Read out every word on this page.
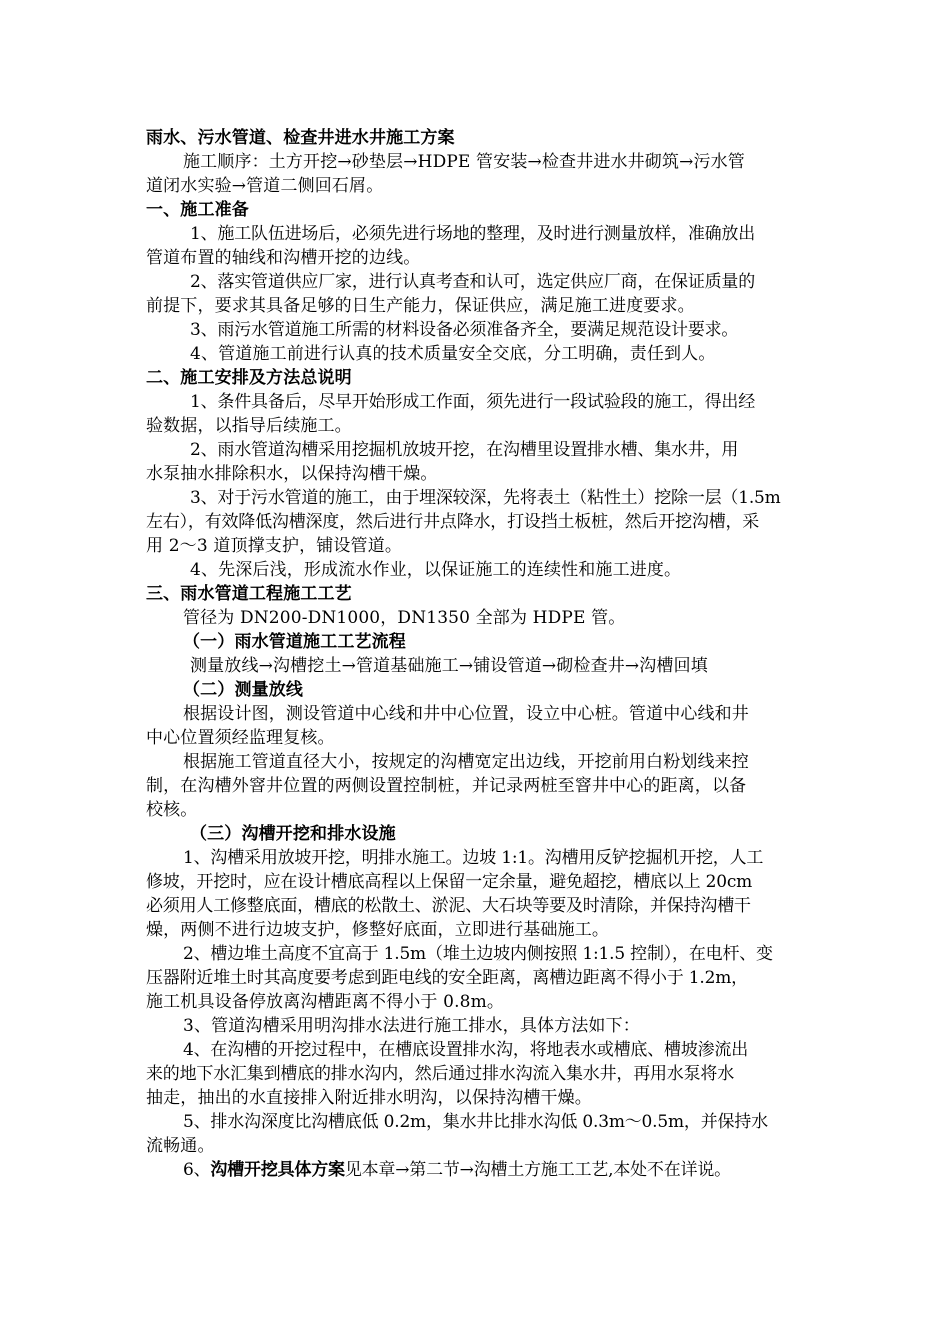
雨水、污水管道、检查井进水井施工方案
施工顺序：土方开挖→砂垫层→HDPE 管安装→检查井进水井砌筑→污水管
道闭水实验→管道二侧回石屑。
一、施工准备
1、施工队伍进场后，必须先进行场地的整理，及时进行测量放样，准确放出
管道布置的轴线和沟槽开挖的边线。
2、落实管道供应厂家，进行认真考查和认可，选定供应厂商，在保证质量的
前提下，要求其具备足够的日生产能力，保证供应，满足施工进度要求。
3、雨污水管道施工所需的材料设备必须准备齐全，要满足规范设计要求。
4、管道施工前进行认真的技术质量安全交底，分工明确，责任到人。
二、施工安排及方法总说明
1、条件具备后，尽早开始形成工作面，须先进行一段试验段的施工，得出经
验数据，以指导后续施工。
2、雨水管道沟槽采用挖掘机放坡开挖，在沟槽里设置排水槽、集水井，用
水泵抽水排除积水，以保持沟槽干燥。
3、对于污水管道的施工，由于埋深较深，先将表土（粘性土）挖除一层（1.5m
左右），有效降低沟槽深度，然后进行井点降水，打设挡土板桩，然后开挖沟槽，采
用 2～3 道顶撑支护，铺设管道。
4、先深后浅，形成流水作业，以保证施工的连续性和施工进度。
三、雨水管道工程施工工艺
管径为 DN200-DN1000，DN1350 全部为 HDPE 管。
（一）雨水管道施工工艺流程
测量放线→沟槽挖土→管道基础施工→铺设管道→砌检查井→沟槽回填
（二）测量放线
根据设计图，测设管道中心线和井中心位置，设立中心桩。管道中心线和井
中心位置须经监理复核。
根据施工管道直径大小，按规定的沟槽宽定出边线，开挖前用白粉划线来控
制，在沟槽外窨井位置的两侧设置控制桩，并记录两桩至窨井中心的距离，以备
校核。
（三）沟槽开挖和排水设施
1、沟槽采用放坡开挖，明排水施工。边坡 1:1。沟槽用反铲挖掘机开挖，人工
修坡，开挖时，应在设计槽底高程以上保留一定余量，避免超挖，槽底以上 20cm
必须用人工修整底面，槽底的松散土、淤泥、大石块等要及时清除，并保持沟槽干
燥，两侧不进行边坡支护，修整好底面，立即进行基础施工。
2、槽边堆土高度不宜高于 1.5m（堆土边坡内侧按照 1:1.5 控制），在电杆、变
压器附近堆土时其高度要考虑到距电线的安全距离，离槽边距离不得小于 1.2m，
施工机具设备停放离沟槽距离不得小于 0.8m。
3、管道沟槽采用明沟排水法进行施工排水，具体方法如下：
4、在沟槽的开挖过程中，在槽底设置排水沟，将地表水或槽底、槽坡渗流出
来的地下水汇集到槽底的排水沟内，然后通过排水沟流入集水井，再用水泵将水
抽走，抽出的水直接排入附近排水明沟，以保持沟槽干燥。
5、排水沟深度比沟槽底低 0.2m，集水井比排水沟低 0.3m～0.5m，并保持水
流畅通。
6、沟槽开挖具体方案见本章→第二节→沟槽土方施工工艺,本处不在详说。
